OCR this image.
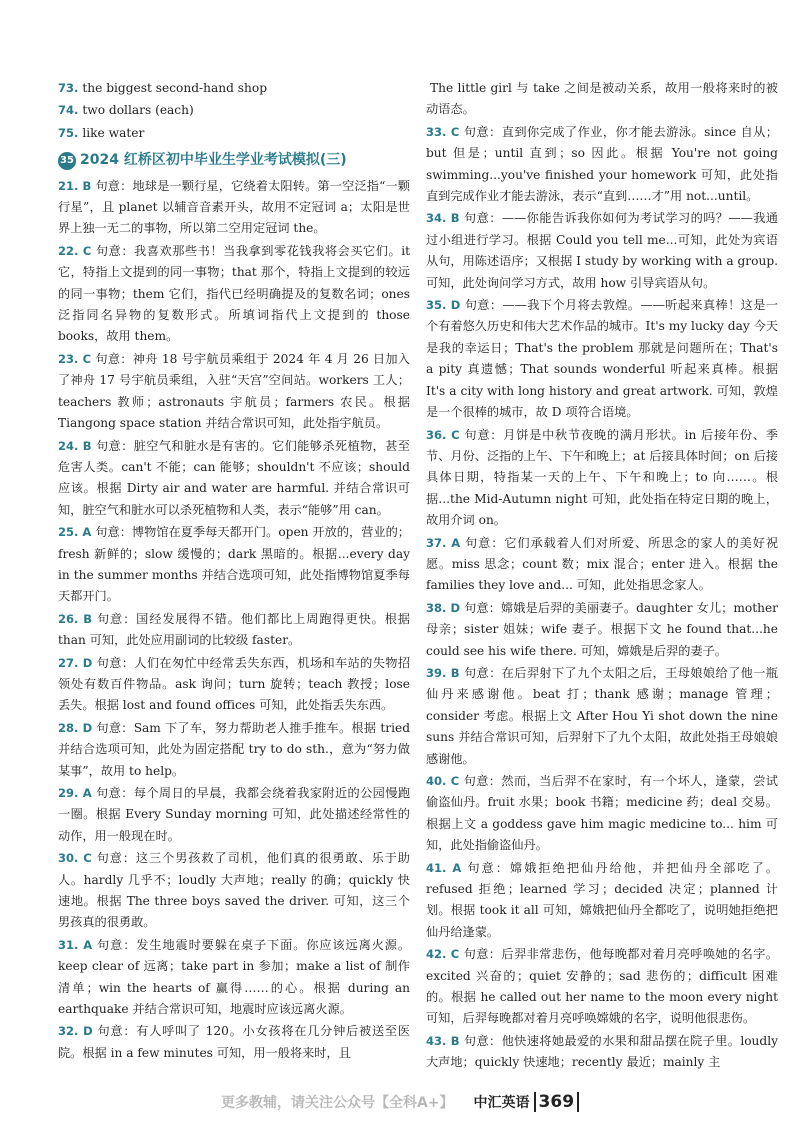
73. the biggest second-hand shop
74. two dollars (each)
75. like water
35 2024 红桥区初中毕业生学业考试模拟(三)
21. B 句意：地球是一颗行星，它绕着太阳转。第一空泛指“一颗行星”，且 planet 以辅音音素开头，故用不定冠词 a；太阳是世界上独一无二的事物，所以第二空用定冠词 the。
22. C 句意：我喜欢那些书！当我拿到零花钱我将会买它们。it 它，特指上文提到的同一事物；that 那个，特指上文提到的较远的同一事物；them 它们，指代已经明确提及的复数名词；ones 泛指同名异物的复数形式。所填词指代上文提到的 those books，故用 them。
23. C 句意：神舟 18 号宇航员乘组于 2024 年 4 月 26 日加入了神舟 17 号宇航员乘组，入驻“天宫”空间站。workers 工人；teachers 教师；astronauts 宇航员；farmers 农民。根据 Tiangong space station 并结合常识可知，此处指宇航员。
24. B 句意：脏空气和脏水是有害的。它们能够杀死植物，甚至危害人类。can't 不能；can 能够；shouldn't 不应该；should 应该。根据 Dirty air and water are harmful. 并结合常识可知，脏空气和脏水可以杀死植物和人类，表示“能够”用 can。
25. A 句意：博物馆在夏季每天都开门。open 开放的，营业的；fresh 新鲜的；slow 缓慢的；dark 黑暗的。根据...every day in the summer months 并结合选项可知，此处指博物馆夏季每天都开门。
26. B 句意：国经发展得不错。他们都比上周跑得更快。根据 than 可知，此处应用副词的比较级 faster。
27. D 句意：人们在匆忙中经常丢失东西，机场和车站的失物招领处有数百件物品。ask 询问；turn 旋转；teach 教授；lose 丢失。根据 lost and found offices 可知，此处指丢失东西。
28. D 句意：Sam 下了车，努力帮助老人推手推车。根据 tried 并结合选项可知，此处为固定搭配 try to do sth.，意为“努力做某事”，故用 to help。
29. A 句意：每个周日的早晨，我都会绕着我家附近的公园慢跑一圈。根据 Every Sunday morning 可知，此处描述经常性的动作，用一般现在时。
30. C 句意：这三个男孩救了司机，他们真的很勇敢、乐于助人。hardly 几乎不；loudly 大声地；really 的确；quickly 快速地。根据 The three boys saved the driver. 可知，这三个男孩真的很勇敢。
31. A 句意：发生地震时要躲在桌子下面。你应该远离火源。keep clear of 远离；take part in 参加；make a list of 制作清单；win the hearts of 赢得……的心。根据 during an earthquake 并结合常识可知，地震时应该远离火源。
32. D 句意：有人呼叫了 120。小女孩将在几分钟后被送至医院。根据 in a few minutes 可知，用一般将来时，且
The little girl 与 take 之间是被动关系，故用一般将来时的被动语态。
33. C 句意：直到你完成了作业，你才能去游泳。since 自从；but 但是；until 直到；so 因此。根据 You're not going swimming...you've finished your homework 可知，此处指直到完成作业才能去游泳，表示“直到……才”用 not...until。
34. B 句意：——你能告诉我你如何为考试学习的吗？——我通过小组进行学习。根据 Could you tell me...可知，此处为宾语从句，用陈述语序；又根据 I study by working with a group. 可知，此处询问学习方式，故用 how 引导宾语从句。
35. D 句意：——我下个月将去敦煌。——听起来真棒！这是一个有着悠久历史和伟大艺术作品的城市。It's my lucky day 今天是我的幸运日；That's the problem 那就是问题所在；That's a pity 真遗憾；That sounds wonderful 听起来真棒。根据 It's a city with long history and great artwork. 可知，敦煌是一个很棒的城市，故 D 项符合语境。
36. C 句意：月饼是中秋节夜晚的满月形状。in 后接年份、季节、月份、泛指的上午、下午和晚上；at 后接具体时间；on 后接具体日期，特指某一天的上午、下午和晚上；to 向……。根据...the Mid-Autumn night 可知，此处指在特定日期的晚上，故用介词 on。
37. A 句意：它们承载着人们对所爱、所思念的家人的美好祝愿。miss 思念；count 数；mix 混合；enter 进入。根据 the families they love and... 可知，此处指思念家人。
38. D 句意：嫦娥是后羿的美丽妻子。daughter 女儿；mother 母亲；sister 姐妹；wife 妻子。根据下文 he found that...he could see his wife there. 可知，嫦娥是后羿的妻子。
39. B 句意：在后羿射下了九个太阳之后，王母娘娘给了他一瓶仙丹来感谢他。beat 打；thank 感谢；manage 管理；consider 考虑。根据上文 After Hou Yi shot down the nine suns 并结合常识可知，后羿射下了九个太阳，故此处指王母娘娘感谢他。
40. C 句意：然而，当后羿不在家时，有一个坏人，逢蒙，尝试偷盗仙丹。fruit 水果；book 书籍；medicine 药；deal 交易。根据上文 a goddess gave him magic medicine to... him 可知，此处指偷盗仙丹。
41. A 句意：嫦娥拒绝把仙丹给他，并把仙丹全部吃了。refused 拒绝；learned 学习；decided 决定；planned 计划。根据 took it all 可知，嫦娥把仙丹全都吃了，说明她拒绝把仙丹给逢蒙。
42. C 句意：后羿非常悲伤，他每晚都对着月亮呼唤她的名字。excited 兴奋的；quiet 安静的；sad 悲伤的；difficult 困难的。根据 he called out her name to the moon every night 可知，后羿每晚都对着月亮呼唤嫦娥的名字，说明他很悲伤。
43. B 句意：他快速将她最爱的水果和甜品摆在院子里。loudly 大声地；quickly 快速地；recently 最近；mainly 主
更多教辅，请关注公众号【全科A+】 中汇英语 369
